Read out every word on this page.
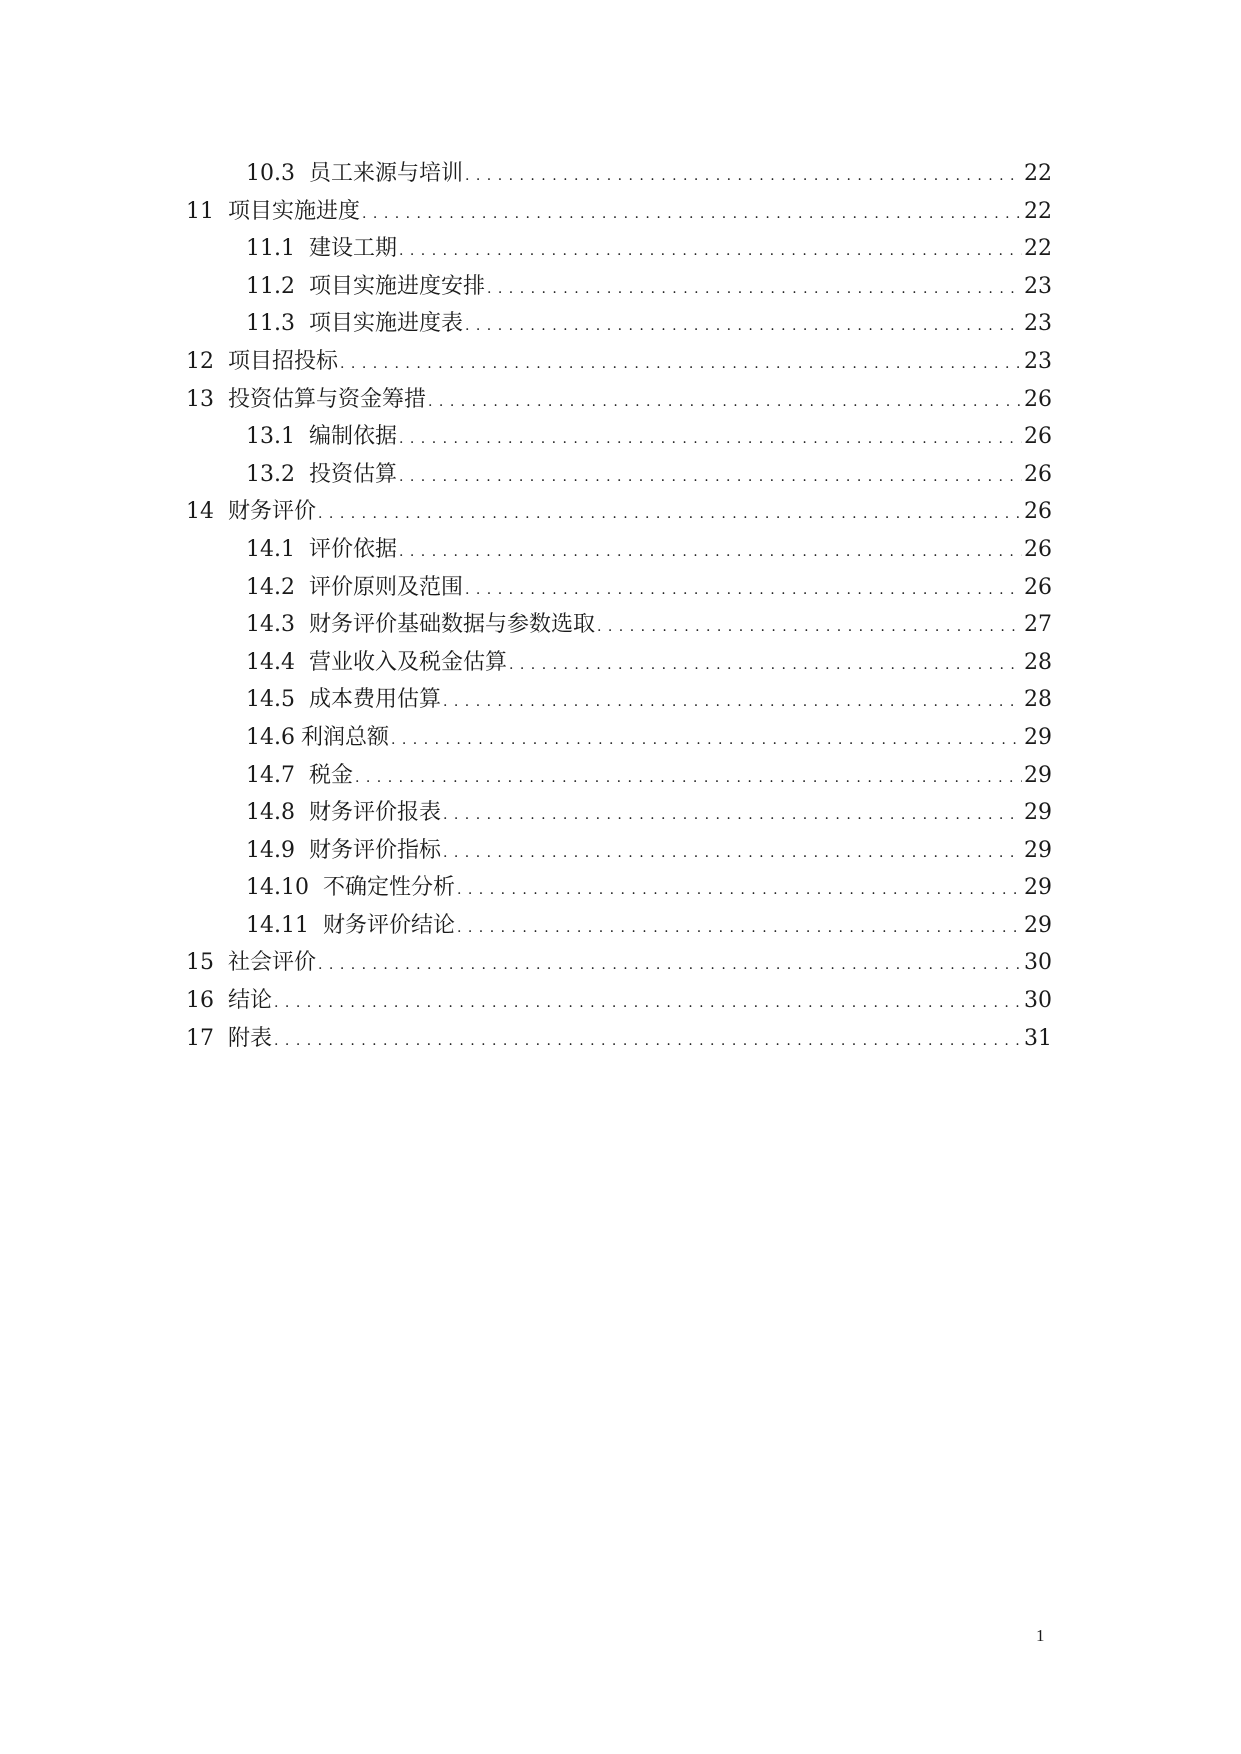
10.3 员工来源与培训 . . .	22
11 项目实施进度 . . .	22
11.1 建设工期 . . .	22
11.2 项目实施进度安排 . . .	23
11.3 项目实施进度表 . . .	23
12 项目招投标 . . .	23
13 投资估算与资金筹措 . . .	26
13.1 编制依据 . . .	26
13.2 投资估算 . . .	26
14 财务评价 . . .	26
14.1 评价依据 . . .	26
14.2 评价原则及范围 . . .	26
14.3 财务评价基础数据与参数选取 . . .	27
14.4 营业收入及税金估算 . . .	28
14.5 成本费用估算 . . .	28
14.6 利润总额 . . .	29
14.7 税金 . . .	29
14.8 财务评价报表 . . .	29
14.9 财务评价指标 . . .	29
14.10 不确定性分析 . . .	29
14.11 财务评价结论 . . .	29
15 社会评价 . . .	30
16 结论 . . .	30
17 附表 . . .	31
1
